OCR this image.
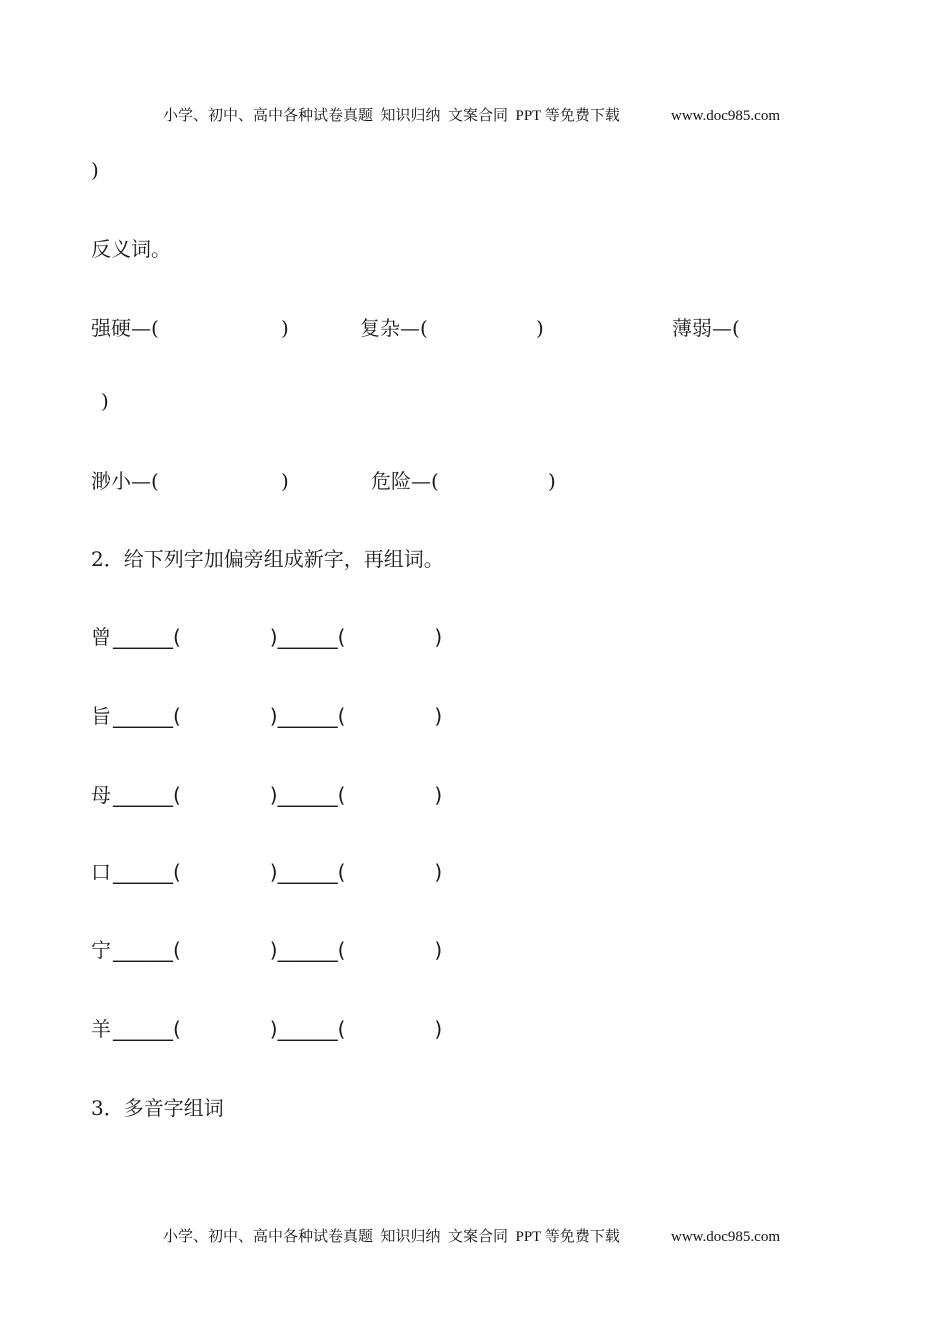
小学、初中、高中各种试卷真题  知识归纳  文案合同  PPT 等免费下载	www.doc985.com
)
反义词。
强硬—(	)	复杂—(	)	薄弱—(
)
渺小—(	)	危险—(	)
2．给下列字加偏旁组成新字，再组词。
曾 ______(              )______(              )
旨 ______(              )______(              )
母 ______(              )______(              )
口 ______(              )______(              )
宁 ______(              )______(              )
羊 ______(              )______(              )
3．多音字组词
小学、初中、高中各种试卷真题  知识归纳  文案合同  PPT 等免费下载	www.doc985.com
